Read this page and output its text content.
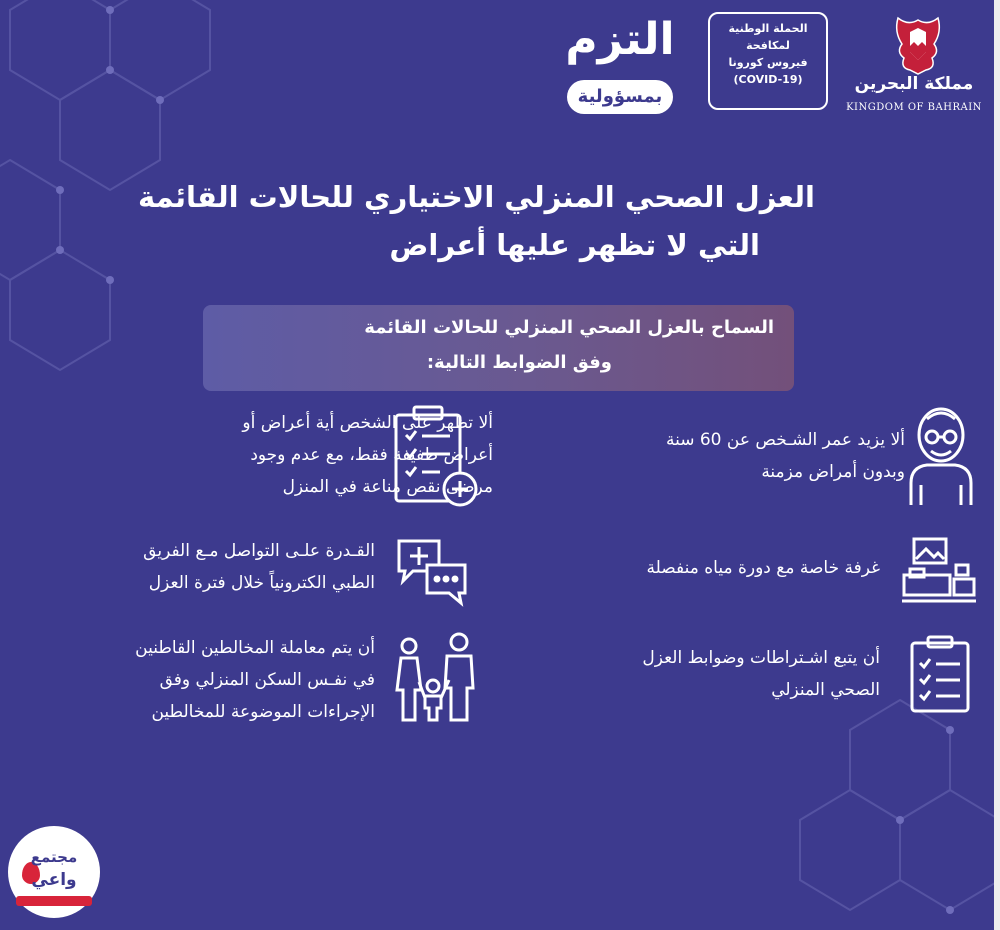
مملكة البحرين
KINGDOM OF BAHRAIN
الحملة الوطنية
لمكافحة
فيروس كورونا
(COVID-19)
التزم
بمسؤولية
العزل الصحي المنزلي الاختياري للحالات القائمة
التي لا تظهر عليها أعراض
السماح بالعزل الصحي المنزلي للحالات القائمة
وفق الضوابط التالية:
ألا يزيد عمر الشـخص عن 60 سنة
وبدون أمراض مزمنة
غرفة خاصة مع دورة مياه منفصلة
أن يتبع اشـتراطات وضوابط العزل
الصحي المنزلي
ألا تظهر على الشخص أية أعراض أو
أعراض طفيفة فقط، مع عدم وجود
مرضى نقص مناعة في المنزل
القـدرة علـى التواصل مـع الفريق
الطبي الكترونياً خلال فترة العزل
أن يتم معاملة المخالطين القاطنين
في نفـس السكن المنزلي وفق
الإجراءات الموضوعة للمخالطين
مجتمع
واعي
